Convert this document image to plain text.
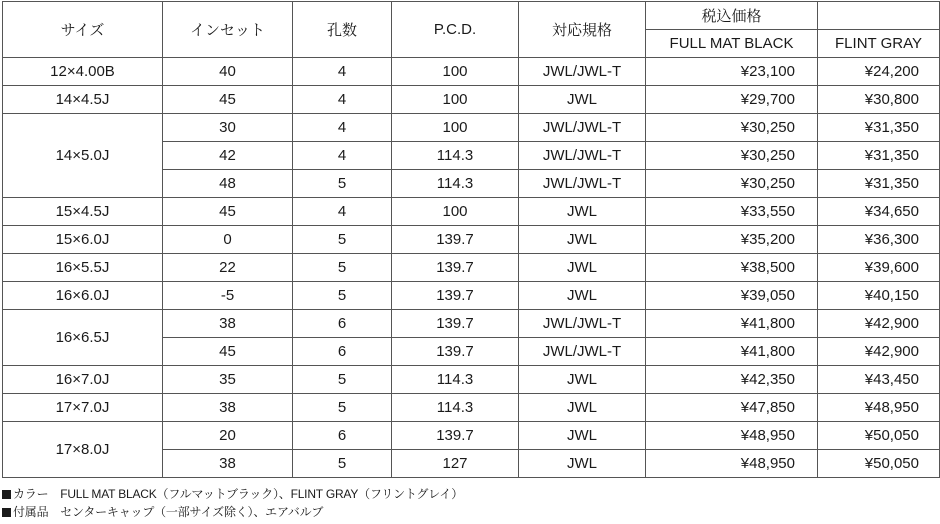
サイズ	インセット	孔数	P.C.D.	対応規格	税込価格	
					FULL MAT BLACK	FLINT GRAY
12×4.00B	40	4	100	JWL/JWL-T	¥23,100	¥24,200
14×4.5J	45	4	100	JWL	¥29,700	¥30,800
14×5.0J	30	4	100	JWL/JWL-T	¥30,250	¥31,350
	42	4	114.3	JWL/JWL-T	¥30,250	¥31,350
	48	5	114.3	JWL/JWL-T	¥30,250	¥31,350
15×4.5J	45	4	100	JWL	¥33,550	¥34,650
15×6.0J	0	5	139.7	JWL	¥35,200	¥36,300
16×5.5J	22	5	139.7	JWL	¥38,500	¥39,600
16×6.0J	-5	5	139.7	JWL	¥39,050	¥40,150
16×6.5J	38	6	139.7	JWL/JWL-T	¥41,800	¥42,900
	45	6	139.7	JWL/JWL-T	¥41,800	¥42,900
16×7.0J	35	5	114.3	JWL	¥42,350	¥43,450
17×7.0J	38	5	114.3	JWL	¥47,850	¥48,950
17×8.0J	20	6	139.7	JWL	¥48,950	¥50,050
	38	5	127	JWL	¥48,950	¥50,050
カラー　FULL MAT BLACK（フルマットブラック）、FLINT GRAY（フリントグレイ）
付属品　センターキャップ（一部サイズ除く）、エアバルブ
